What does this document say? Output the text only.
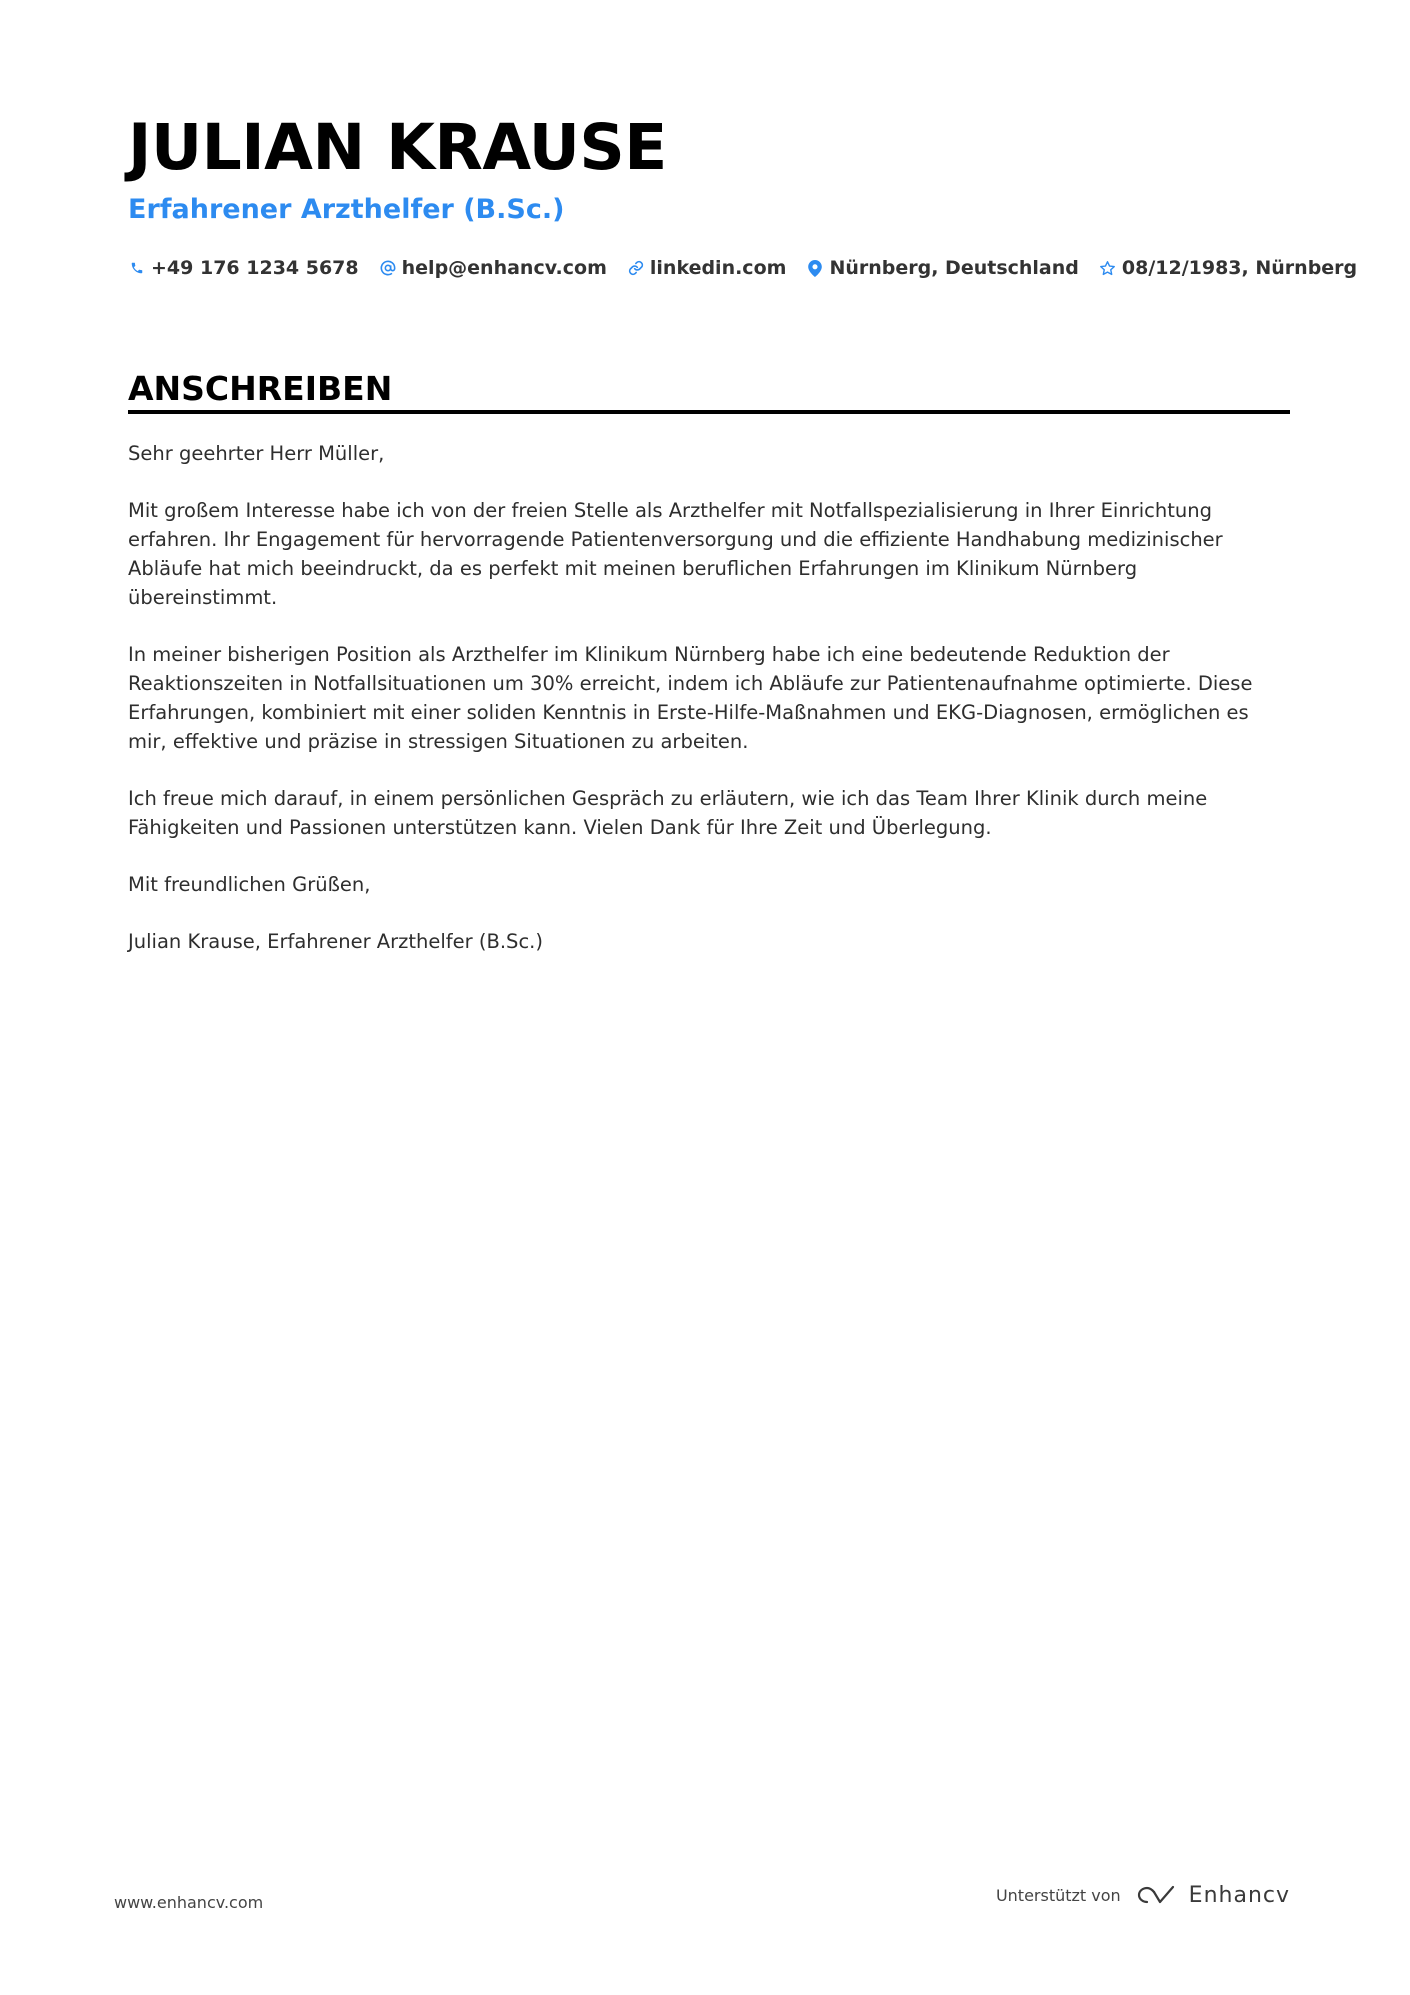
JULIAN KRAUSE
Erfahrener Arzthelfer (B.Sc.)
+49 176 1234 5678 help@enhancv.com linkedin.com Nürnberg, Deutschland 08/12/1983, Nürnberg
ANSCHREIBEN

Sehr geehrter Herr Müller,

Mit großem Interesse habe ich von der freien Stelle als Arzthelfer mit Notfallspezialisierung in Ihrer Einrichtung erfahren. Ihr Engagement für hervorragende Patientenversorgung und die effiziente Handhabung medizinischer Abläufe hat mich beeindruckt, da es perfekt mit meinen beruflichen Erfahrungen im Klinikum Nürnberg übereinstimmt.

In meiner bisherigen Position als Arzthelfer im Klinikum Nürnberg habe ich eine bedeutende Reduktion der Reaktionszeiten in Notfallsituationen um 30% erreicht, indem ich Abläufe zur Patientenaufnahme optimierte. Diese Erfahrungen, kombiniert mit einer soliden Kenntnis in Erste-Hilfe-Maßnahmen und EKG-Diagnosen, ermöglichen es mir, effektive und präzise in stressigen Situationen zu arbeiten.

Ich freue mich darauf, in einem persönlichen Gespräch zu erläutern, wie ich das Team Ihrer Klinik durch meine Fähigkeiten und Passionen unterstützen kann. Vielen Dank für Ihre Zeit und Überlegung.

Mit freundlichen Grüßen,

Julian Krause, Erfahrener Arzthelfer (B.Sc.)

www.enhancv.com	Unterstützt von	Enhancv
